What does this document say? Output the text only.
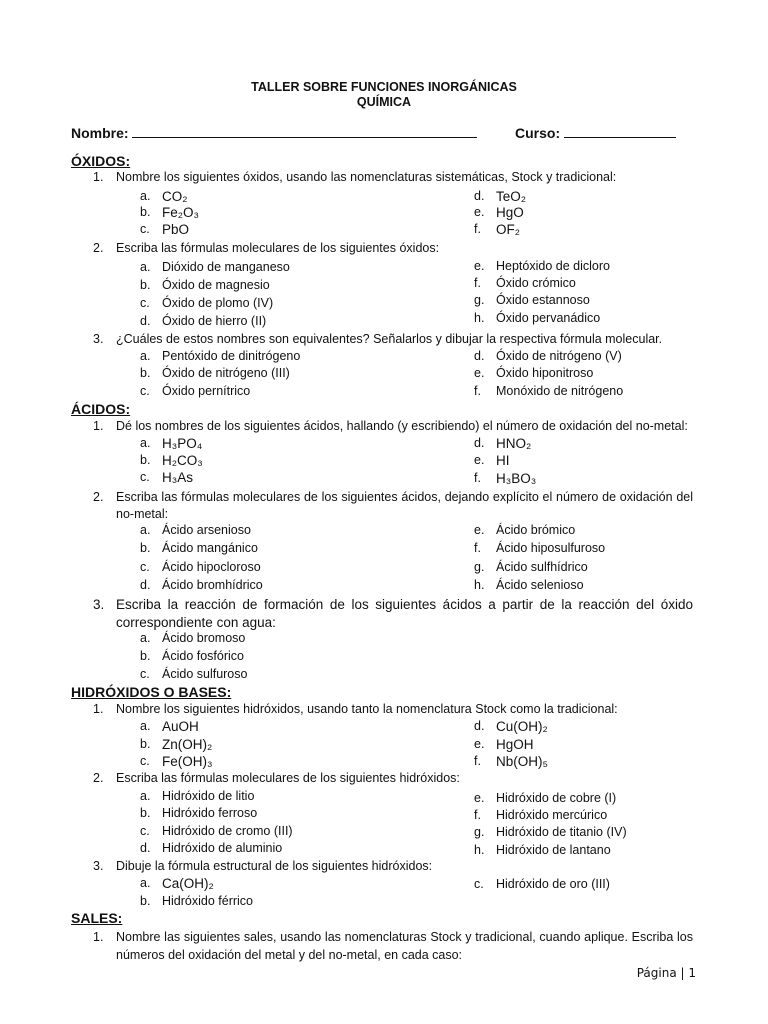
TALLER SOBRE FUNCIONES INORGÁNICAS
QUÍMICA
Nombre:	Curso:
ÓXIDOS:
1. Nombre los siguientes óxidos, usando las nomenclaturas sistemáticas, Stock y tradicional:
a. CO₂
b. Fe₂O₃
c. PbO
d. TeO₂
e. HgO
f. OF₂
2. Escriba las fórmulas moleculares de los siguientes óxidos:
a. Dióxido de manganeso
b. Óxido de magnesio
c. Óxido de plomo (IV)
d. Óxido de hierro (II)
e. Heptóxido de dicloro
f. Óxido crómico
g. Óxido estannoso
h. Óxido pervanádico
3. ¿Cuáles de estos nombres son equivalentes? Señalarlos y dibujar la respectiva fórmula molecular.
a. Pentóxido de dinitrógeno
b. Óxido de nitrógeno (III)
c. Óxido pernítrico
d. Óxido de nitrógeno (V)
e. Óxido hiponitroso
f. Monóxido de nitrógeno
ÁCIDOS:
1. Dé los nombres de los siguientes ácidos, hallando (y escribiendo) el número de oxidación del no-metal:
a. H₃PO₄
b. H₂CO₃
c. H₃As
d. HNO₂
e. HI
f. H₃BO₃
2. Escriba las fórmulas moleculares de los siguientes ácidos, dejando explícito el número de oxidación del no-metal:
a. Ácido arsenioso
b. Ácido mangánico
c. Ácido hipocloroso
d. Ácido bromhídrico
e. Ácido brómico
f. Ácido hiposulfuroso
g. Ácido sulfhídrico
h. Ácido selenioso
3. Escriba la reacción de formación de los siguientes ácidos a partir de la reacción del óxido correspondiente con agua:
a. Ácido bromoso
b. Ácido fosfórico
c. Ácido sulfuroso
HIDRÓXIDOS O BASES:
1. Nombre los siguientes hidróxidos, usando tanto la nomenclatura Stock como la tradicional:
a. AuOH
b. Zn(OH)₂
c. Fe(OH)₃
d. Cu(OH)₂
e. HgOH
f. Nb(OH)₅
2. Escriba las fórmulas moleculares de los siguientes hidróxidos:
a. Hidróxido de litio
b. Hidróxido ferroso
c. Hidróxido de cromo (III)
d. Hidróxido de aluminio
e. Hidróxido de cobre (I)
f. Hidróxido mercúrico
g. Hidróxido de titanio (IV)
h. Hidróxido de lantano
3. Dibuje la fórmula estructural de los siguientes hidróxidos:
a. Ca(OH)₂
b. Hidróxido férrico
c. Hidróxido de oro (III)
SALES:
1. Nombre las siguientes sales, usando las nomenclaturas Stock y tradicional, cuando aplique. Escriba los números del oxidación del metal y del no-metal, en cada caso:
Página | 1
